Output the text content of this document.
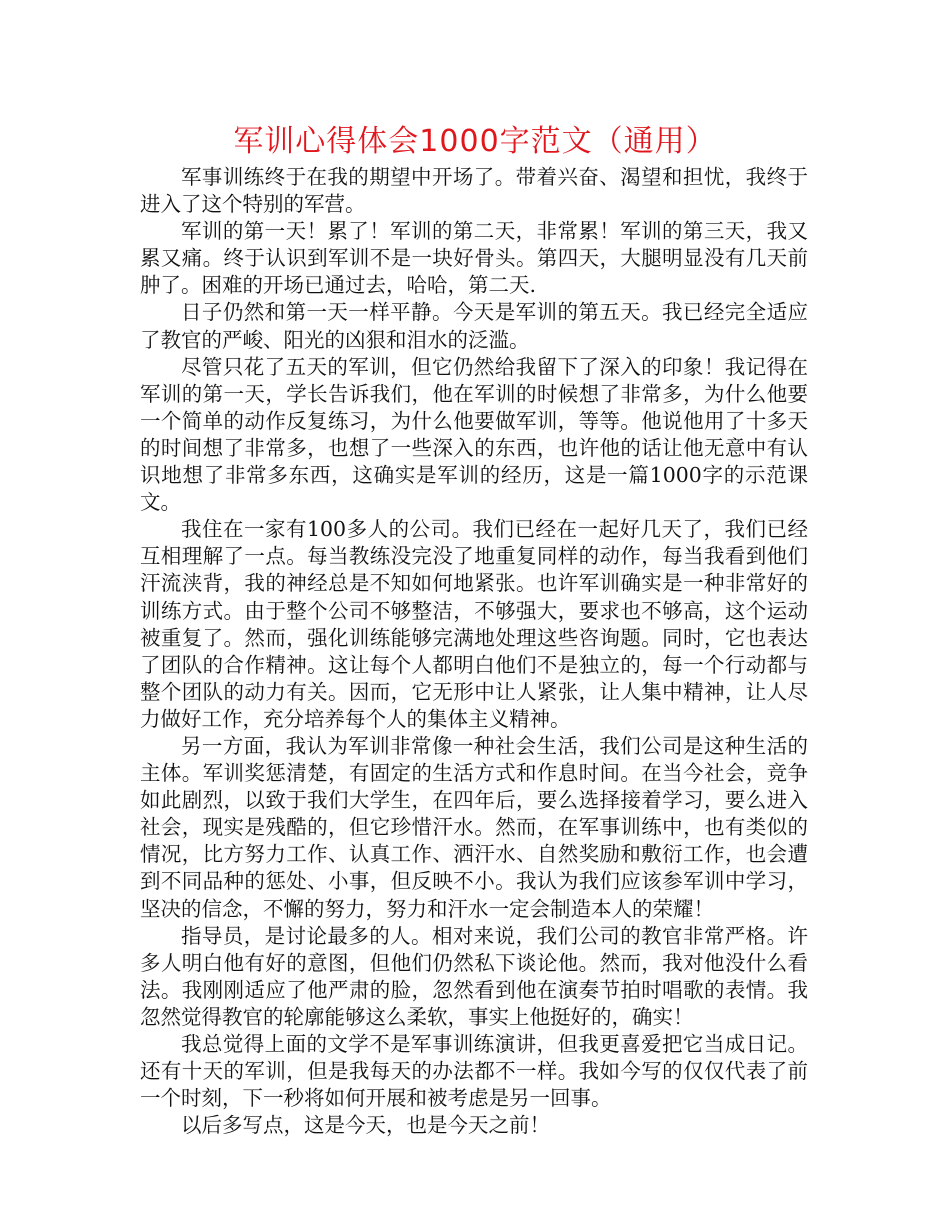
军训心得体会1000字范文（通用）

军事训练终于在我的期望中开场了。带着兴奋、渴望和担忧，我终于进入了这个特别的军营。

军训的第一天！累了！军训的第二天，非常累！军训的第三天，我又累又痛。终于认识到军训不是一块好骨头。第四天，大腿明显没有几天前肿了。困难的开场已通过去，哈哈，第二天.

日子仍然和第一天一样平静。今天是军训的第五天。我已经完全适应了教官的严峻、阳光的凶狠和泪水的泛滥。

尽管只花了五天的军训，但它仍然给我留下了深入的印象！我记得在军训的第一天，学长告诉我们，他在军训的时候想了非常多，为什么他要一个简单的动作反复练习，为什么他要做军训，等等。他说他用了十多天的时间想了非常多，也想了一些深入的东西，也许他的话让他无意中有认识地想了非常多东西，这确实是军训的经历，这是一篇1000字的示范课文。

我住在一家有100多人的公司。我们已经在一起好几天了，我们已经互相理解了一点。每当教练没完没了地重复同样的动作，每当我看到他们汗流浃背，我的神经总是不知如何地紧张。也许军训确实是一种非常好的训练方式。由于整个公司不够整洁，不够强大，要求也不够高，这个运动被重复了。然而，强化训练能够完满地处理这些咨询题。同时，它也表达了团队的合作精神。这让每个人都明白他们不是独立的，每一个行动都与整个团队的动力有关。因而，它无形中让人紧张，让人集中精神，让人尽力做好工作，充分培养每个人的集体主义精神。

另一方面，我认为军训非常像一种社会生活，我们公司是这种生活的主体。军训奖惩清楚，有固定的生活方式和作息时间。在当今社会，竞争如此剧烈，以致于我们大学生，在四年后，要么选择接着学习，要么进入社会，现实是残酷的，但它珍惜汗水。然而，在军事训练中，也有类似的情况，比方努力工作、认真工作、洒汗水、自然奖励和敷衍工作，也会遭到不同品种的惩处、小事，但反映不小。我认为我们应该参军训中学习，坚决的信念，不懈的努力，努力和汗水一定会制造本人的荣耀！

指导员，是讨论最多的人。相对来说，我们公司的教官非常严格。许多人明白他有好的意图，但他们仍然私下谈论他。然而，我对他没什么看法。我刚刚适应了他严肃的脸，忽然看到他在演奏节拍时唱歌的表情。我忽然觉得教官的轮廓能够这么柔软，事实上他挺好的，确实！

我总觉得上面的文学不是军事训练演讲，但我更喜爱把它当成日记。还有十天的军训，但是我每天的办法都不一样。我如今写的仅仅代表了前一个时刻，下一秒将如何开展和被考虑是另一回事。

以后多写点，这是今天，也是今天之前！
